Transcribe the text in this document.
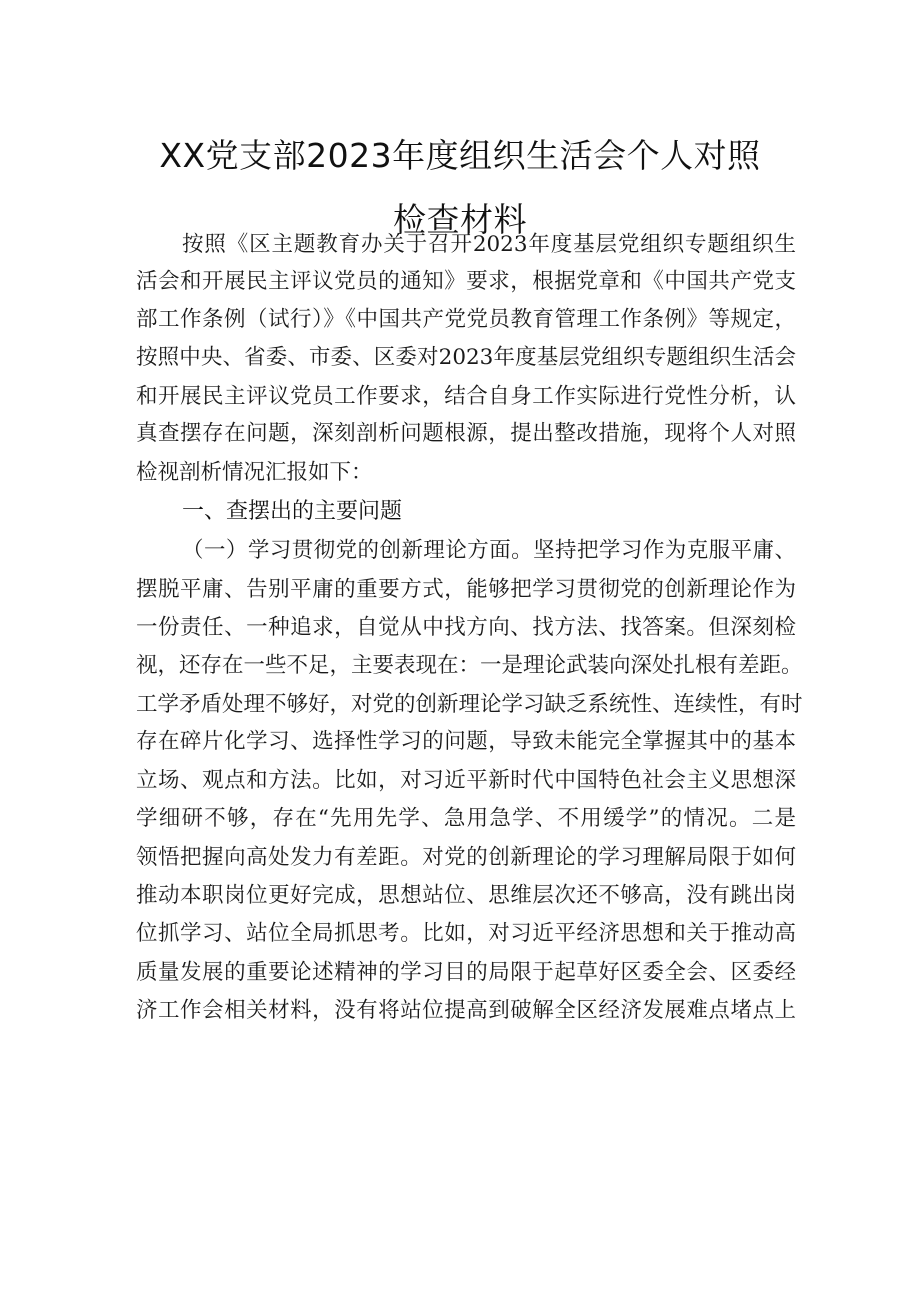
XX党支部2023年度组织生活会个人对照
检查材料
按照《区主题教育办关于召开2023年度基层党组织专题组织生
活会和开展民主评议党员的通知》要求，根据党章和《中国共产党支
部工作条例（试行）》《中国共产党党员教育管理工作条例》等规定，
按照中央、省委、市委、区委对2023年度基层党组织专题组织生活会
和开展民主评议党员工作要求，结合自身工作实际进行党性分析，认
真查摆存在问题，深刻剖析问题根源，提出整改措施，现将个人对照
检视剖析情况汇报如下：
一、查摆出的主要问题
（一）学习贯彻党的创新理论方面。坚持把学习作为克服平庸、
摆脱平庸、告别平庸的重要方式，能够把学习贯彻党的创新理论作为
一份责任、一种追求，自觉从中找方向、找方法、找答案。但深刻检
视，还存在一些不足，主要表现在：一是理论武装向深处扎根有差距。
工学矛盾处理不够好，对党的创新理论学习缺乏系统性、连续性，有时
存在碎片化学习、选择性学习的问题，导致未能完全掌握其中的基本
立场、观点和方法。比如，对习近平新时代中国特色社会主义思想深
学细研不够，存在“先用先学、急用急学、不用缓学”的情况。二是
领悟把握向高处发力有差距。对党的创新理论的学习理解局限于如何
推动本职岗位更好完成，思想站位、思维层次还不够高，没有跳出岗
位抓学习、站位全局抓思考。比如，对习近平经济思想和关于推动高
质量发展的重要论述精神的学习目的局限于起草好区委全会、区委经
济工作会相关材料，没有将站位提高到破解全区经济发展难点堵点上
